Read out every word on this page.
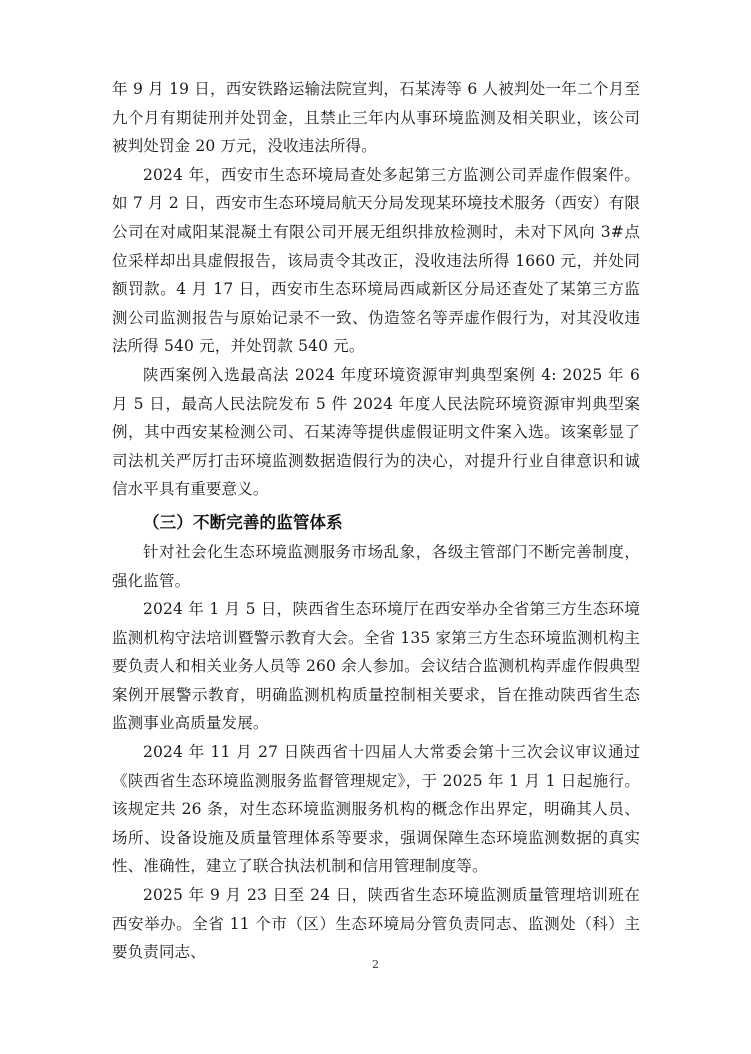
年 9 月 19 日，西安铁路运输法院宣判，石某涛等 6 人被判处一年二个月至九个月有期徒刑并处罚金，且禁止三年内从事环境监测及相关职业，该公司被判处罚金 20 万元，没收违法所得。

2024 年，西安市生态环境局查处多起第三方监测公司弄虚作假案件。如 7 月 2 日，西安市生态环境局航天分局发现某环境技术服务（西安）有限公司在对咸阳某混凝土有限公司开展无组织排放检测时，未对下风向 3#点位采样却出具虚假报告，该局责令其改正，没收违法所得 1660 元，并处同额罚款。4 月 17 日，西安市生态环境局西咸新区分局还查处了某第三方监测公司监测报告与原始记录不一致、伪造签名等弄虚作假行为，对其没收违法所得 540 元，并处罚款 540 元。

陕西案例入选最高法 2024 年度环境资源审判典型案例 4: 2025 年 6 月 5 日，最高人民法院发布 5 件 2024 年度人民法院环境资源审判典型案例，其中西安某检测公司、石某涛等提供虚假证明文件案入选。该案彰显了司法机关严厉打击环境监测数据造假行为的决心，对提升行业自律意识和诚信水平具有重要意义。

（三）不断完善的监管体系

针对社会化生态环境监测服务市场乱象，各级主管部门不断完善制度，强化监管。

2024 年 1 月 5 日，陕西省生态环境厅在西安举办全省第三方生态环境监测机构守法培训暨警示教育大会。全省 135 家第三方生态环境监测机构主要负责人和相关业务人员等 260 余人参加。会议结合监测机构弄虚作假典型案例开展警示教育，明确监测机构质量控制相关要求，旨在推动陕西省生态监测事业高质量发展。

2024 年 11 月 27 日陕西省十四届人大常委会第十三次会议审议通过《陕西省生态环境监测服务监督管理规定》，于 2025 年 1 月 1 日起施行。该规定共 26 条，对生态环境监测服务机构的概念作出界定，明确其人员、场所、设备设施及质量管理体系等要求，强调保障生态环境监测数据的真实性、准确性，建立了联合执法机制和信用管理制度等。

2025 年 9 月 23 日至 24 日，陕西省生态环境监测质量管理培训班在西安举办。全省 11 个市（区）生态环境局分管负责同志、监测处（科）主要负责同志、

2
